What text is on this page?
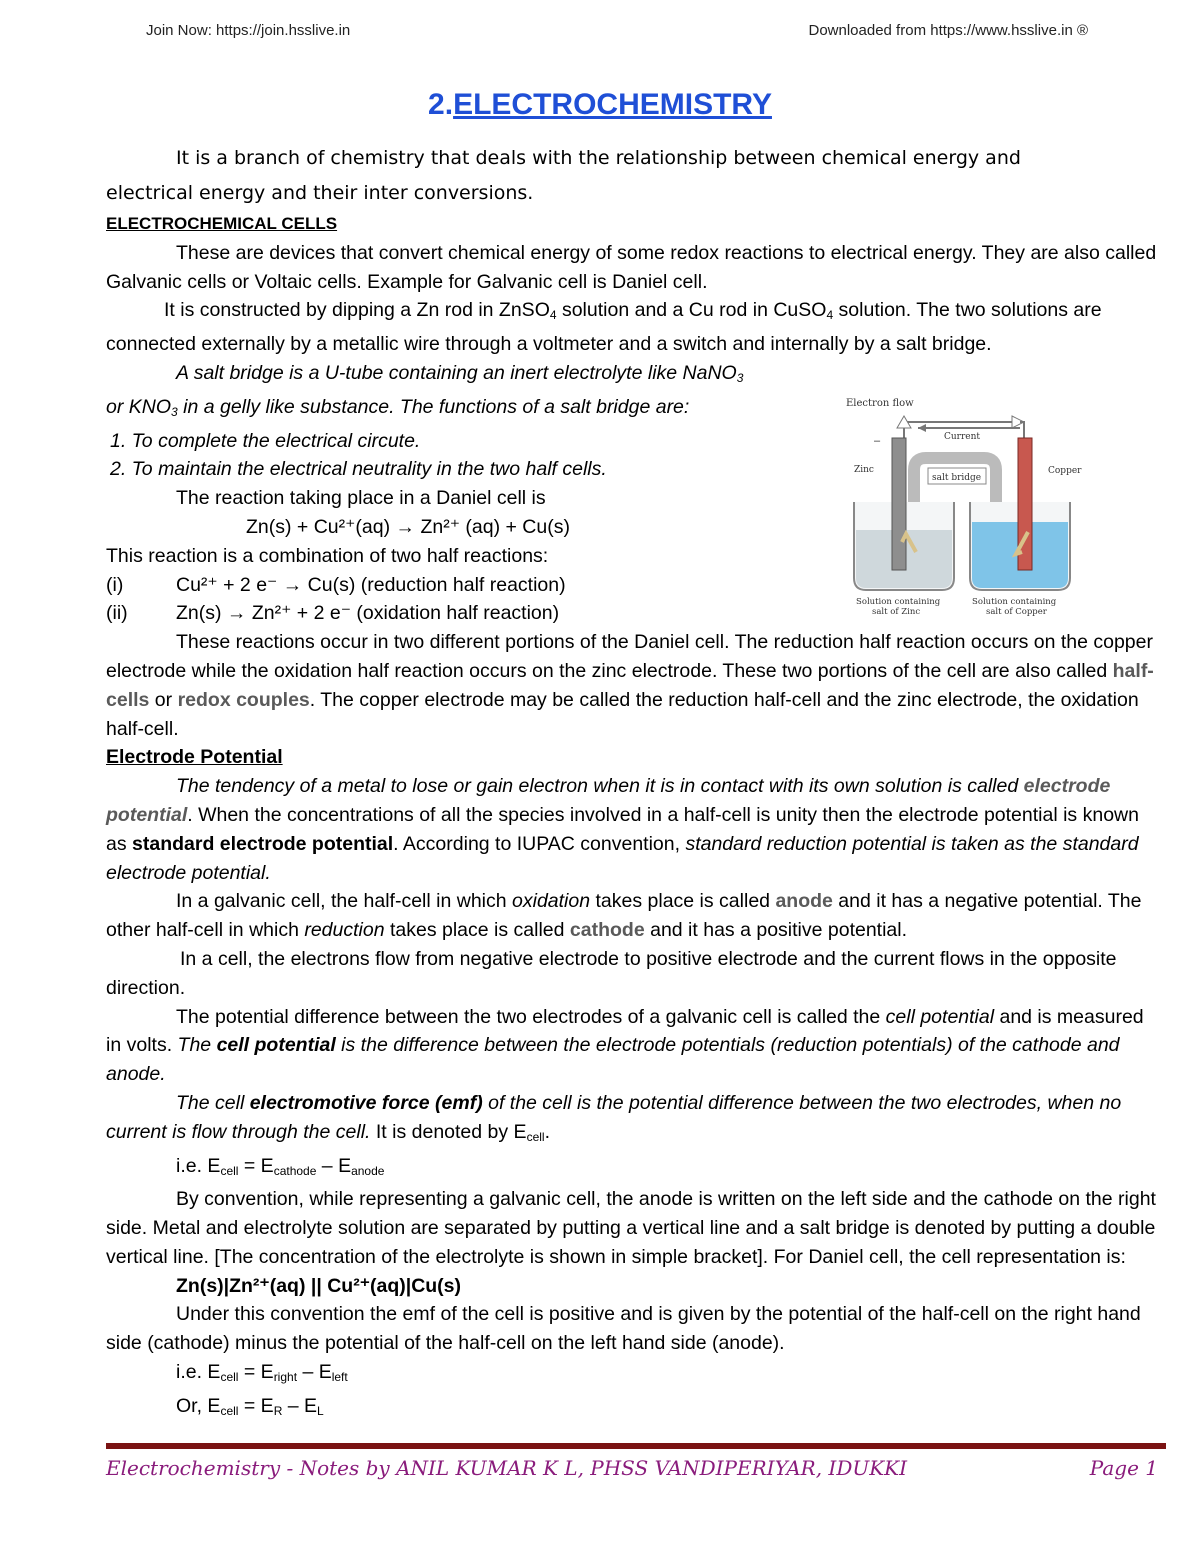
Join Now: https://join.hsslive.in	Downloaded from https://www.hsslive.in ®
2.ELECTROCHEMISTRY

It is a branch of chemistry that deals with the relationship between chemical energy and

electrical energy and their inter conversions.

ELECTROCHEMICAL CELLS

These are devices that convert chemical energy of some redox reactions to electrical energy. They are also called Galvanic cells or Voltaic cells. Example for Galvanic cell is Daniel cell.

It is constructed by dipping a Zn rod in ZnSO$_4$ solution and a Cu rod in CuSO$_4$ solution. The two solutions are connected externally by a metallic wire through a voltmeter and a switch and internally by a salt bridge.

A salt bridge is a U-tube containing an inert electrolyte like NaNO$_3$

or $KNO_3$ in a gelly like substance. The functions of a salt bridge are:

1. To complete the electrical circute.

2. To maintain the electrical neutrality in the two half cells.

The reaction taking place in a Daniel cell is

Zn(s) + Cu²⁺(aq) → Zn²⁺ (aq) + Cu(s)

This reaction is a combination of two half reactions:

(i)	Cu²⁺ + 2 e⁻ → Cu(s) (reduction half reaction)
(ii)	Zn(s) → Zn²⁺ + 2 e⁻ (oxidation half reaction)

These reactions occur in two different portions of the Daniel cell. The reduction half reaction occurs on the copper electrode while the oxidation half reaction occurs on the zinc electrode. These two portions of the cell are also called half-cells or redox couples. The copper electrode may be called the reduction half-cell and the zinc electrode, the oxidation half-cell.

Electrode Potential

The tendency of a metal to lose or gain electron when it is in contact with its own solution is called electrode potential. When the concentrations of all the species involved in a half-cell is unity then the electrode potential is known as standard electrode potential. According to IUPAC convention, standard reduction potential is taken as the standard electrode potential.

In a galvanic cell, the half-cell in which oxidation takes place is called anode and it has a negative potential. The other half-cell in which reduction takes place is called cathode and it has a positive potential.

In a cell, the electrons flow from negative electrode to positive electrode and the current flows in the opposite direction.

The potential difference between the two electrodes of a galvanic cell is called the cell potential and is measured in volts. The cell potential is the difference between the electrode potentials (reduction potentials) of the cathode and anode.

The cell electromotive force (emf) of the cell is the potential difference between the two electrodes, when no current is flow through the cell. It is denoted by $E_{cell}$.

i.e. $E_{cell} = E_{cathode} - E_{anode}$

By convention, while representing a galvanic cell, the anode is written on the left side and the cathode on the right side. Metal and electrolyte solution are separated by putting a vertical line and a salt bridge is denoted by putting a double vertical line. [The concentration of the electrolyte is shown in simple bracket]. For Daniel cell, the cell representation is:

Zn(s)|Zn²⁺(aq) || Cu²⁺(aq)|Cu(s)

Under this convention the emf of the cell is positive and is given by the potential of the half-cell on the right hand side (cathode) minus the potential of the half-cell on the left hand side (anode).

i.e. $E_{cell} = E_{right} - E_{left}$

Or, $E_{cell} = E_R - E_L$

Electron flow
Current
–
Zinc	Copper
salt bridge
Solution containing
salt of Zinc
Solution containing
salt of Copper
Electrochemistry - Notes by ANIL KUMAR K L, PHSS VANDIPERIYAR, IDUKKI	Page 1
